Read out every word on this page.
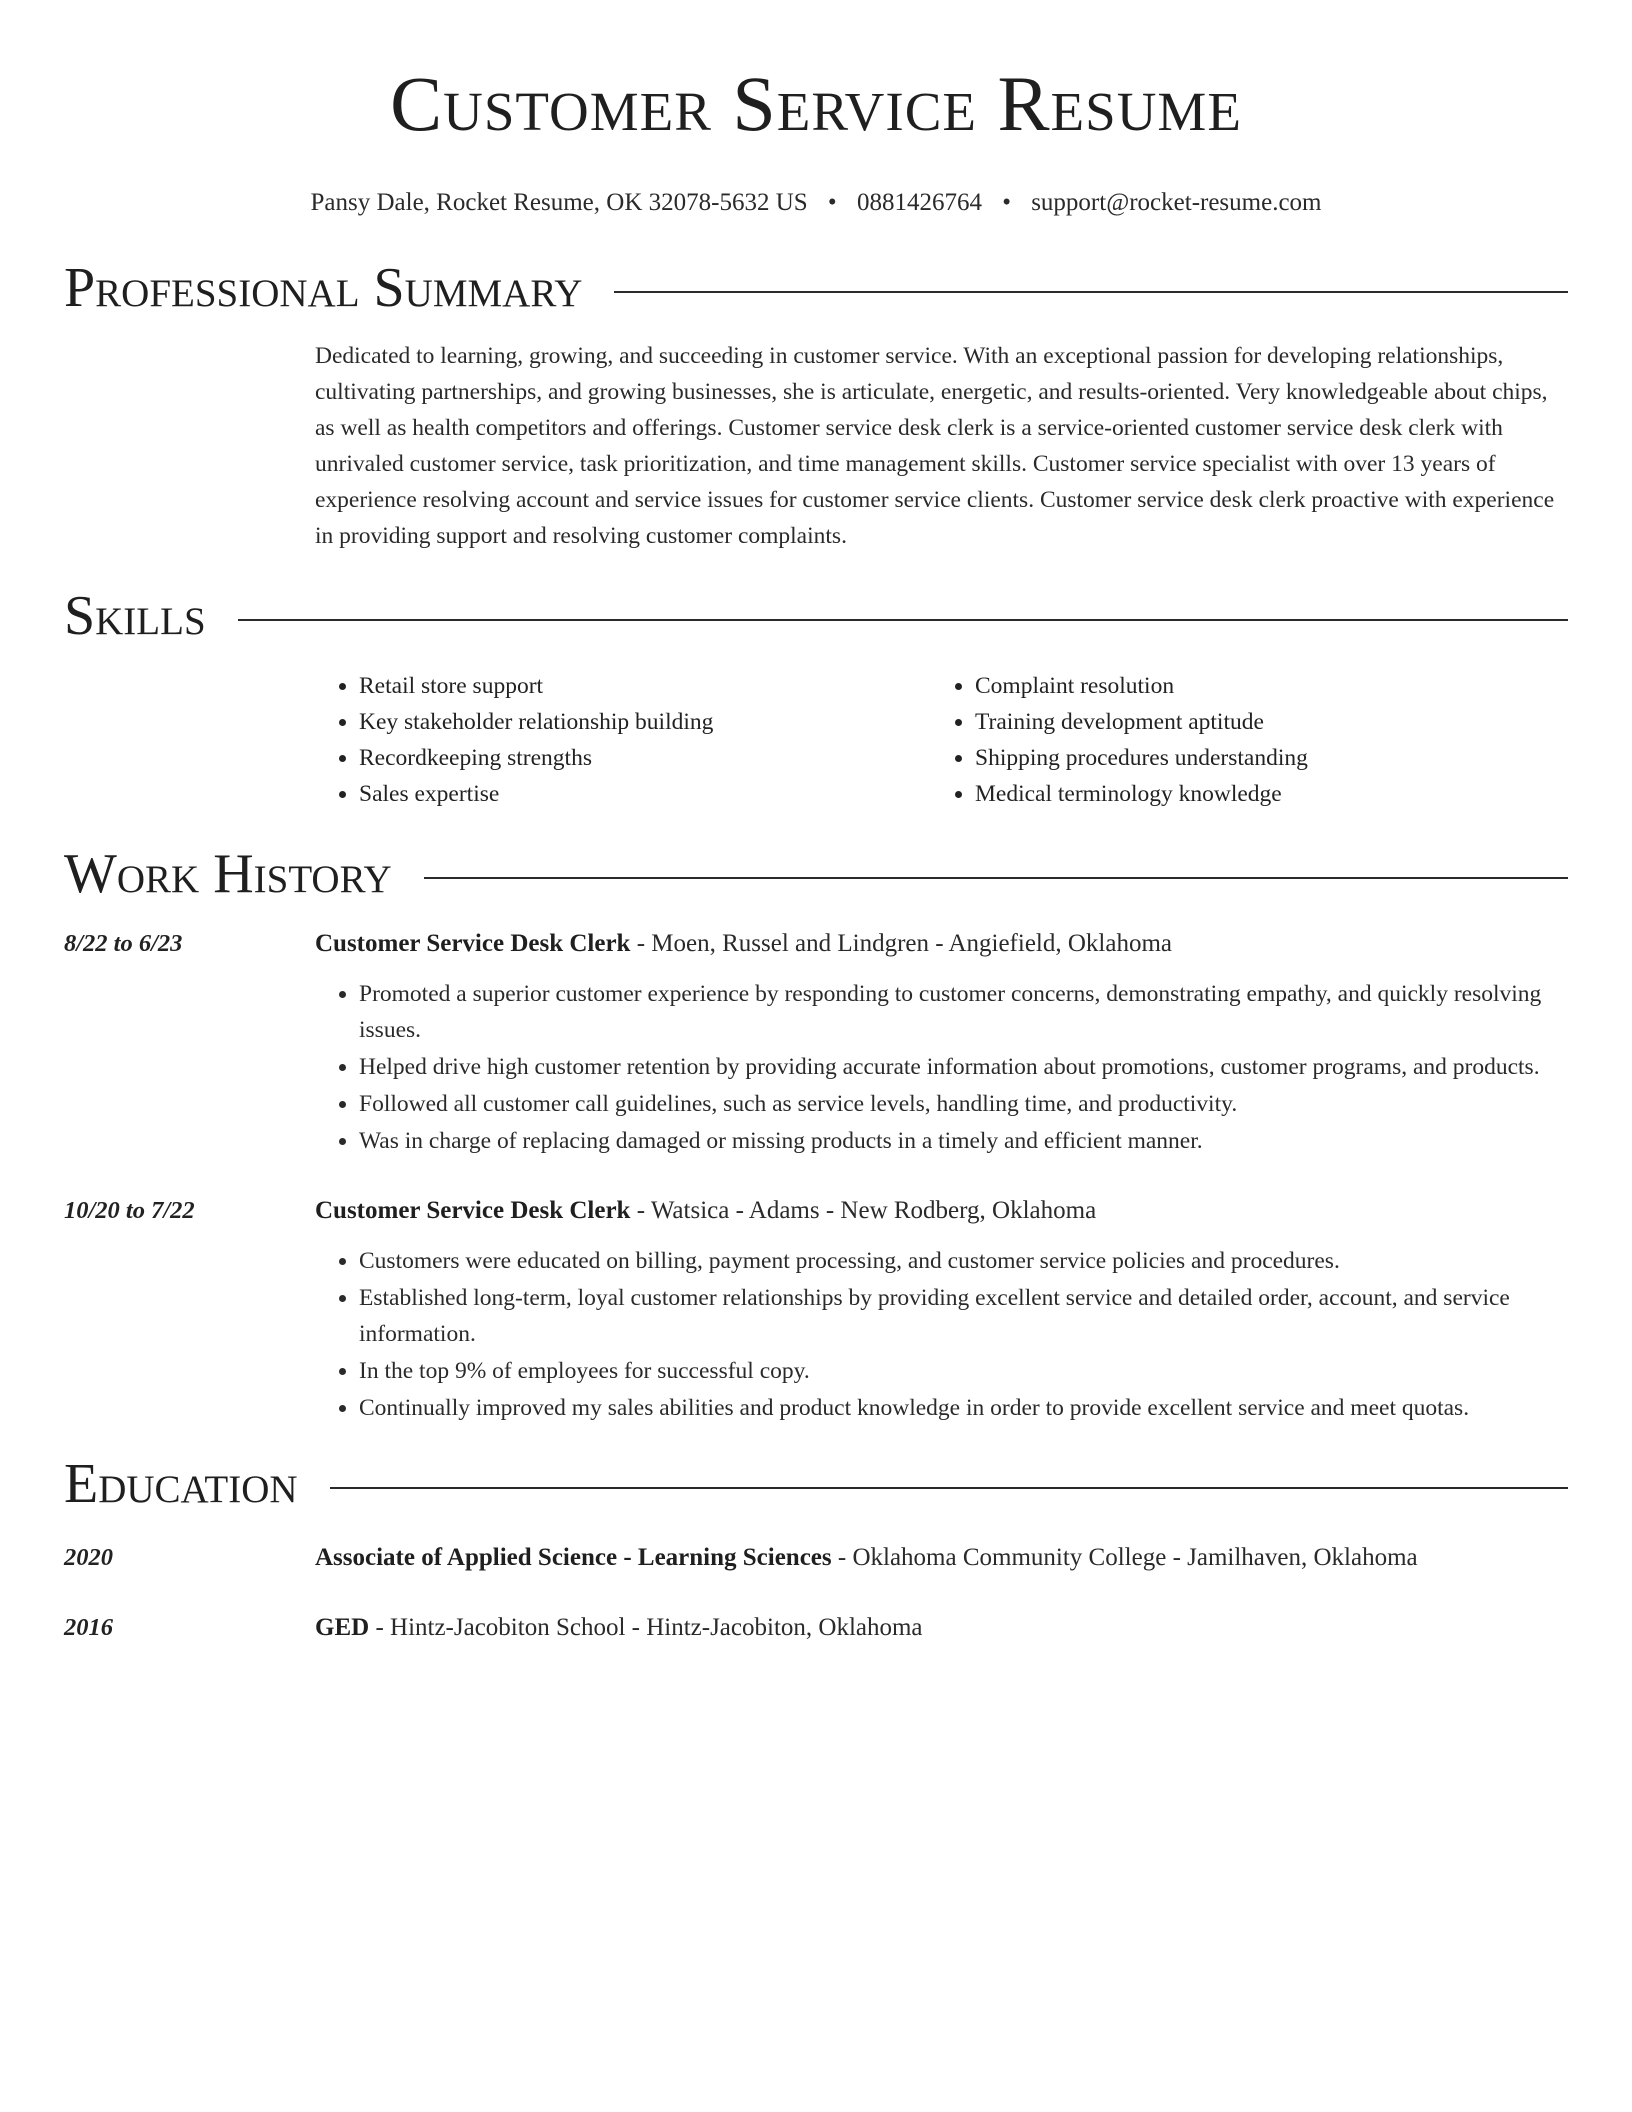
Customer Service Resume
Pansy Dale, Rocket Resume, OK 32078-5632 US • 0881426764 • support@rocket-resume.com
Professional Summary
Dedicated to learning, growing, and succeeding in customer service. With an exceptional passion for developing relationships, cultivating partnerships, and growing businesses, she is articulate, energetic, and results-oriented. Very knowledgeable about chips, as well as health competitors and offerings. Customer service desk clerk is a service-oriented customer service desk clerk with unrivaled customer service, task prioritization, and time management skills. Customer service specialist with over 13 years of experience resolving account and service issues for customer service clients. Customer service desk clerk proactive with experience in providing support and resolving customer complaints.
Skills
• Retail store support
• Key stakeholder relationship building
• Recordkeeping strengths
• Sales expertise
• Complaint resolution
• Training development aptitude
• Shipping procedures understanding
• Medical terminology knowledge
Work History
8/22 to 6/23	Customer Service Desk Clerk - Moen, Russel and Lindgren - Angiefield, Oklahoma
• Promoted a superior customer experience by responding to customer concerns, demonstrating empathy, and quickly resolving issues.
• Helped drive high customer retention by providing accurate information about promotions, customer programs, and products.
• Followed all customer call guidelines, such as service levels, handling time, and productivity.
• Was in charge of replacing damaged or missing products in a timely and efficient manner.
10/20 to 7/22	Customer Service Desk Clerk - Watsica - Adams - New Rodberg, Oklahoma
• Customers were educated on billing, payment processing, and customer service policies and procedures.
• Established long-term, loyal customer relationships by providing excellent service and detailed order, account, and service information.
• In the top 9% of employees for successful copy.
• Continually improved my sales abilities and product knowledge in order to provide excellent service and meet quotas.
Education
2020	Associate of Applied Science - Learning Sciences - Oklahoma Community College - Jamilhaven, Oklahoma
2016	GED - Hintz-Jacobiton School - Hintz-Jacobiton, Oklahoma
